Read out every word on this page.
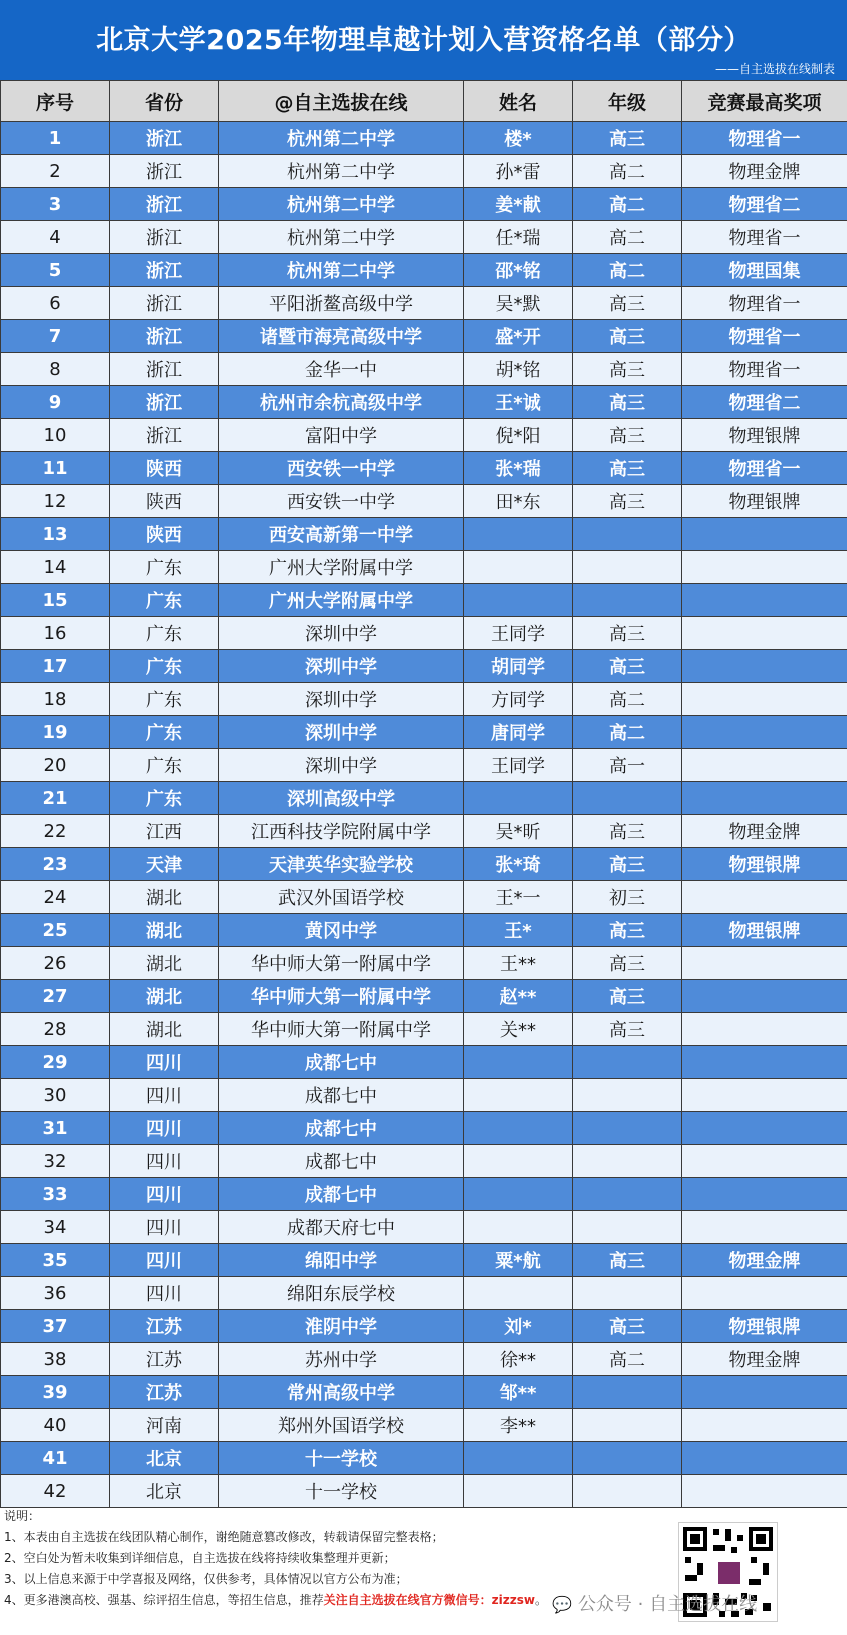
北京大学2025年物理卓越计划入营资格名单（部分）
——自主选拔在线制表
序号	省份	@自主选拔在线	姓名	年级	竞赛最高奖项
1	浙江	杭州第二中学	楼*	高三	物理省一
2	浙江	杭州第二中学	孙*雷	高二	物理金牌
3	浙江	杭州第二中学	姜*献	高二	物理省二
4	浙江	杭州第二中学	任*瑞	高二	物理省一
5	浙江	杭州第二中学	邵*铭	高二	物理国集
6	浙江	平阳浙鳌高级中学	吴*默	高三	物理省一
7	浙江	诸暨市海亮高级中学	盛*开	高三	物理省一
8	浙江	金华一中	胡*铭	高三	物理省一
9	浙江	杭州市余杭高级中学	王*诚	高三	物理省二
10	浙江	富阳中学	倪*阳	高三	物理银牌
11	陕西	西安铁一中学	张*瑞	高三	物理省一
12	陕西	西安铁一中学	田*东	高三	物理银牌
13	陕西	西安高新第一中学			
14	广东	广州大学附属中学			
15	广东	广州大学附属中学			
16	广东	深圳中学	王同学	高三	
17	广东	深圳中学	胡同学	高三	
18	广东	深圳中学	方同学	高二	
19	广东	深圳中学	唐同学	高二	
20	广东	深圳中学	王同学	高一	
21	广东	深圳高级中学			
22	江西	江西科技学院附属中学	吴*昕	高三	物理金牌
23	天津	天津英华实验学校	张*琦	高三	物理银牌
24	湖北	武汉外国语学校	王*一	初三	
25	湖北	黄冈中学	王*	高三	物理银牌
26	湖北	华中师大第一附属中学	王**	高三	
27	湖北	华中师大第一附属中学	赵**	高三	
28	湖北	华中师大第一附属中学	关**	高三	
29	四川	成都七中			
30	四川	成都七中			
31	四川	成都七中			
32	四川	成都七中			
33	四川	成都七中			
34	四川	成都天府七中			
35	四川	绵阳中学	粟*航	高三	物理金牌
36	四川	绵阳东辰学校			
37	江苏	淮阴中学	刘*	高三	物理银牌
38	江苏	苏州中学	徐**	高二	物理金牌
39	江苏	常州高级中学	邹**		
40	河南	郑州外国语学校	李**		
41	北京	十一学校			
42	北京	十一学校			
说明：
1、本表由自主选拔在线团队精心制作，谢绝随意篡改修改，转载请保留完整表格；
2、空白处为暂未收集到详细信息，自主选拔在线将持续收集整理并更新；
3、以上信息来源于中学喜报及网络，仅供参考，具体情况以官方公布为准；
4、更多港澳高校、强基、综评招生信息，等招生信息，推荐关注自主选拔在线官方微信号：zizzsw。 💬 公众号 · 自主选拔在线
